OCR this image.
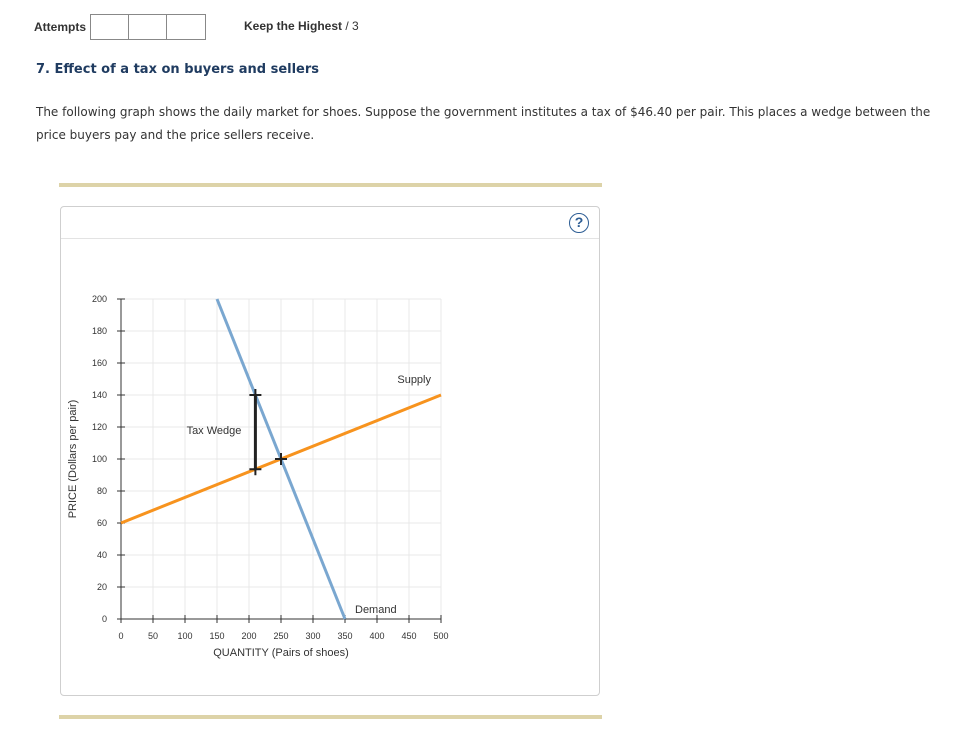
Attempts	Keep the Highest / 3
7. Effect of a tax on buyers and sellers
The following graph shows the daily market for shoes. Suppose the government institutes a tax of $46.40 per pair. This places a wedge between the price buyers pay and the price sellers receive.
?
0
20
40
60
80
100
120
140
160
180
200
0	50 100 150 200 250 300 350 400 450 500
QUANTITY (Pairs of shoes)
PRICE (Dollars per pair)
Supply
Demand
Tax Wedge
